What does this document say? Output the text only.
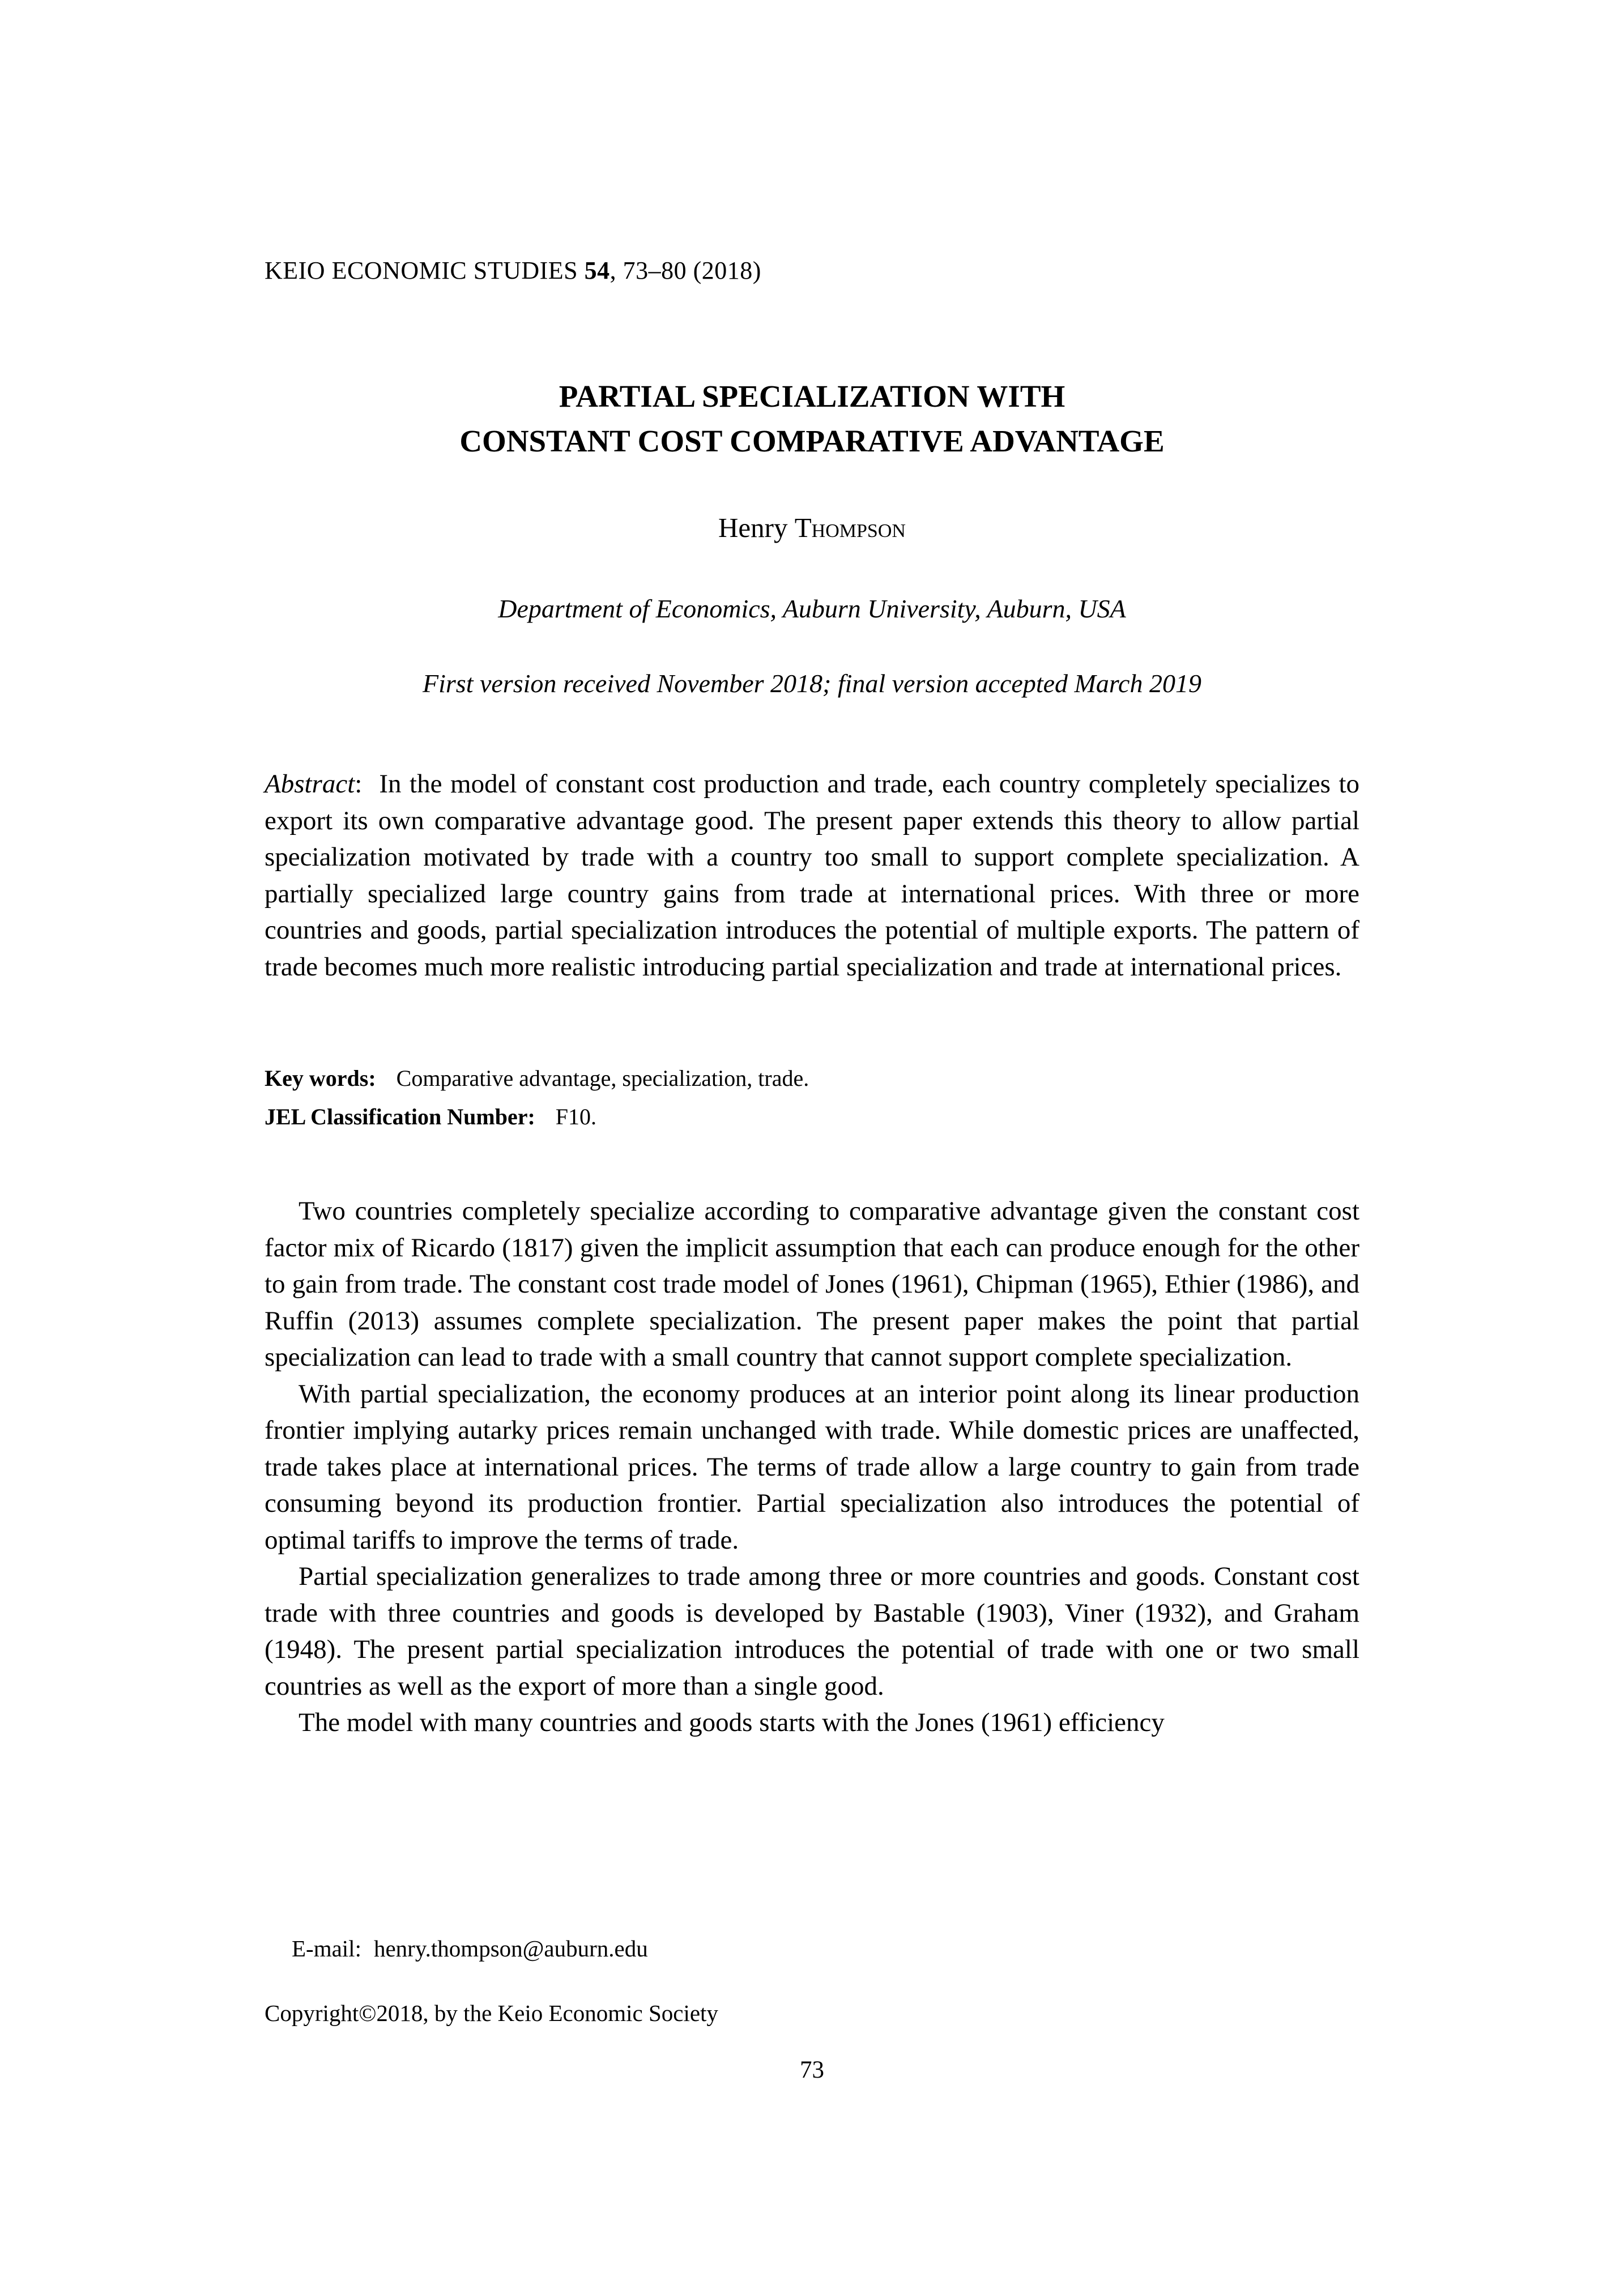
KEIO ECONOMIC STUDIES 54, 73–80 (2018)
PARTIAL SPECIALIZATION WITH
CONSTANT COST COMPARATIVE ADVANTAGE
Henry Thompson
Department of Economics, Auburn University, Auburn, USA
First version received November 2018; final version accepted March 2019
Abstract: In the model of constant cost production and trade, each country completely specializes to export its own comparative advantage good. The present paper extends this theory to allow partial specialization motivated by trade with a country too small to support complete specialization. A partially specialized large country gains from trade at international prices. With three or more countries and goods, partial specialization introduces the potential of multiple exports. The pattern of trade becomes much more realistic introducing partial specialization and trade at international prices.
Key words: Comparative advantage, specialization, trade.
JEL Classification Number: F10.

Two countries completely specialize according to comparative advantage given the constant cost factor mix of Ricardo (1817) given the implicit assumption that each can produce enough for the other to gain from trade. The constant cost trade model of Jones (1961), Chipman (1965), Ethier (1986), and Ruffin (2013) assumes complete specialization. The present paper makes the point that partial specialization can lead to trade with a small country that cannot support complete specialization.

With partial specialization, the economy produces at an interior point along its linear production frontier implying autarky prices remain unchanged with trade. While domestic prices are unaffected, trade takes place at international prices. The terms of trade allow a large country to gain from trade consuming beyond its production frontier. Partial specialization also introduces the potential of optimal tariffs to improve the terms of trade.

Partial specialization generalizes to trade among three or more countries and goods. Constant cost trade with three countries and goods is developed by Bastable (1903), Viner (1932), and Graham (1948). The present partial specialization introduces the potential of trade with one or two small countries as well as the export of more than a single good.

The model with many countries and goods starts with the Jones (1961) efficiency

E-mail: henry.thompson@auburn.edu
Copyright©2018, by the Keio Economic Society
73
